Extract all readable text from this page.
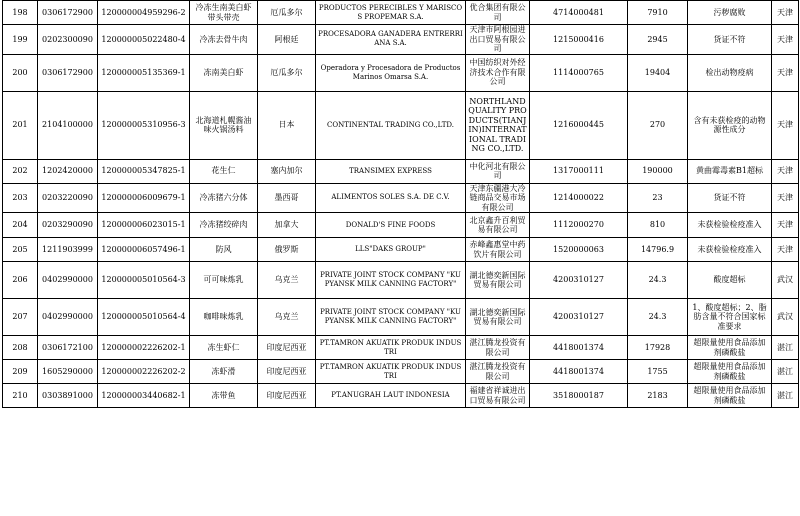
198	0306172900	120000004959296-2	冷冻生南美白虾带头带壳	厄瓜多尔	PRODUCTOS PERECIBLES Y MARISCOS PROPEMAR S.A.	优合集团有限公司	4714000481	7910	污秽腐败	天津
199	0202300090	120000005022480-4	冷冻去骨牛肉	阿根廷	PROCESADORA GANADERA ENTRERRIANA S.A.	天津市阿根园进出口贸易有限公司	1215000416	2945	货证不符	天津
200	0306172900	120000005135369-1	冻南美白虾	厄瓜多尔	Operadora y Procesadora de Productos Marinos Omarsa S.A.	中国纺织对外经济技术合作有限公司	1114000765	19404	检出动物疫病	天津
201	2104100000	120000005310956-3	北海道札幌酱油味火锅汤料	日本	CONTINENTAL TRADING CO.,LTD.	NORTHLAND QUALITY PRODUCTS(TIANJIN)INTERNATIONAL TRADING CO.,LTD.	1216000445	270	含有未获检疫的动物源性成分	天津
202	1202420000	120000005347825-1	花生仁	塞内加尔	TRANSIMEX EXPRESS	中化河北有限公司	1317000111	190000	黄曲霉毒素B1超标	天津
203	0203220090	120000006009679-1	冷冻猪六分体	墨西哥	ALIMENTOS SOLES S.A. DE C.V.	天津东疆港大冷链商品交易市场有限公司	1214000022	23	货证不符	天津
204	0203290090	120000006023015-1	冷冻猪绞碎肉	加拿大	DONALD'S FINE FOODS	北京鑫升百利贸易有限公司	1112000270	810	未获检验检疫准入	天津
205	1211903999	120000006057496-1	防风	俄罗斯	LLS"DAKS GROUP"	赤峰鑫惠堂中药饮片有限公司	1520000063	14796.9	未获检验检疫准入	天津
206	0402990000	120000005010564-3	可可味炼乳	乌克兰	PRIVATE JOINT STOCK COMPANY "KUPYANSK MILK CANNING FACTORY"	湖北德奕新国际贸易有限公司	4200310127	24.3	酸度超标	武汉
207	0402990000	120000005010564-4	咖啡味炼乳	乌克兰	PRIVATE JOINT STOCK COMPANY "KUPYANSK MILK CANNING FACTORY"	湖北德奕新国际贸易有限公司	4200310127	24.3	1、酸度超标；2、脂肪含量不符合国家标准要求	武汉
208	0306172100	120000002226202-1	冻生虾仁	印度尼西亚	PT.TAMRON AKUATIK PRODUK INDUSTRI	湛江腾龙投资有限公司	4418001374	17928	超限量使用食品添加剂磷酸盐	湛江
209	1605290000	120000002226202-2	冻虾滑	印度尼西亚	PT.TAMRON AKUATIK PRODUK INDUSTRI	湛江腾龙投资有限公司	4418001374	1755	超限量使用食品添加剂磷酸盐	湛江
210	0303891000	120000003440682-1	冻带鱼	印度尼西亚	PT.ANUGRAH LAUT INDONESIA	福建省祥诚进出口贸易有限公司	3518000187	2183	超限量使用食品添加剂磷酸盐	湛江
